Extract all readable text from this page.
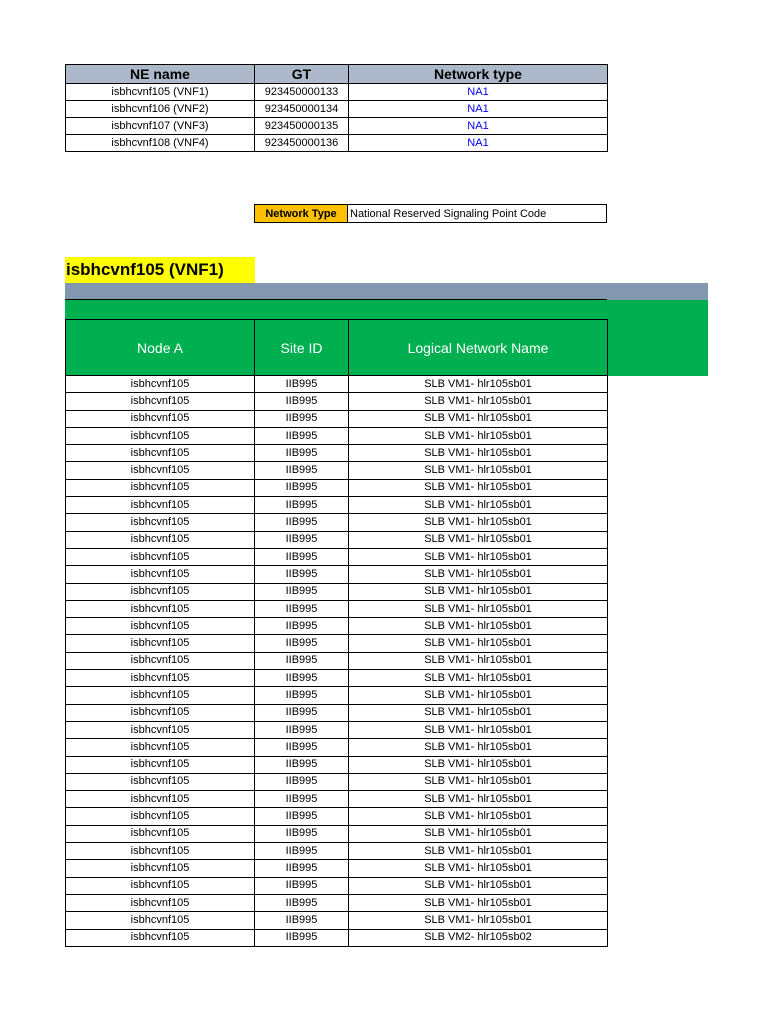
NE name	GT	Network type
isbhcvnf105 (VNF1)	923450000133	NA1
isbhcvnf106 (VNF2)	923450000134	NA1
isbhcvnf107 (VNF3)	923450000135	NA1
isbhcvnf108 (VNF4)	923450000136	NA1
Network Type	National Reserved Signaling Point Code
isbhcvnf105 (VNF1)
Node A	Site ID	Logical Network Name
isbhcvnf105	IIB995	SLB VM1- hlr105sb01
isbhcvnf105	IIB995	SLB VM1- hlr105sb01
isbhcvnf105	IIB995	SLB VM1- hlr105sb01
isbhcvnf105	IIB995	SLB VM1- hlr105sb01
isbhcvnf105	IIB995	SLB VM1- hlr105sb01
isbhcvnf105	IIB995	SLB VM1- hlr105sb01
isbhcvnf105	IIB995	SLB VM1- hlr105sb01
isbhcvnf105	IIB995	SLB VM1- hlr105sb01
isbhcvnf105	IIB995	SLB VM1- hlr105sb01
isbhcvnf105	IIB995	SLB VM1- hlr105sb01
isbhcvnf105	IIB995	SLB VM1- hlr105sb01
isbhcvnf105	IIB995	SLB VM1- hlr105sb01
isbhcvnf105	IIB995	SLB VM1- hlr105sb01
isbhcvnf105	IIB995	SLB VM1- hlr105sb01
isbhcvnf105	IIB995	SLB VM1- hlr105sb01
isbhcvnf105	IIB995	SLB VM1- hlr105sb01
isbhcvnf105	IIB995	SLB VM1- hlr105sb01
isbhcvnf105	IIB995	SLB VM1- hlr105sb01
isbhcvnf105	IIB995	SLB VM1- hlr105sb01
isbhcvnf105	IIB995	SLB VM1- hlr105sb01
isbhcvnf105	IIB995	SLB VM1- hlr105sb01
isbhcvnf105	IIB995	SLB VM1- hlr105sb01
isbhcvnf105	IIB995	SLB VM1- hlr105sb01
isbhcvnf105	IIB995	SLB VM1- hlr105sb01
isbhcvnf105	IIB995	SLB VM1- hlr105sb01
isbhcvnf105	IIB995	SLB VM1- hlr105sb01
isbhcvnf105	IIB995	SLB VM1- hlr105sb01
isbhcvnf105	IIB995	SLB VM1- hlr105sb01
isbhcvnf105	IIB995	SLB VM1- hlr105sb01
isbhcvnf105	IIB995	SLB VM1- hlr105sb01
isbhcvnf105	IIB995	SLB VM1- hlr105sb01
isbhcvnf105	IIB995	SLB VM1- hlr105sb01
isbhcvnf105	IIB995	SLB VM2- hlr105sb02
